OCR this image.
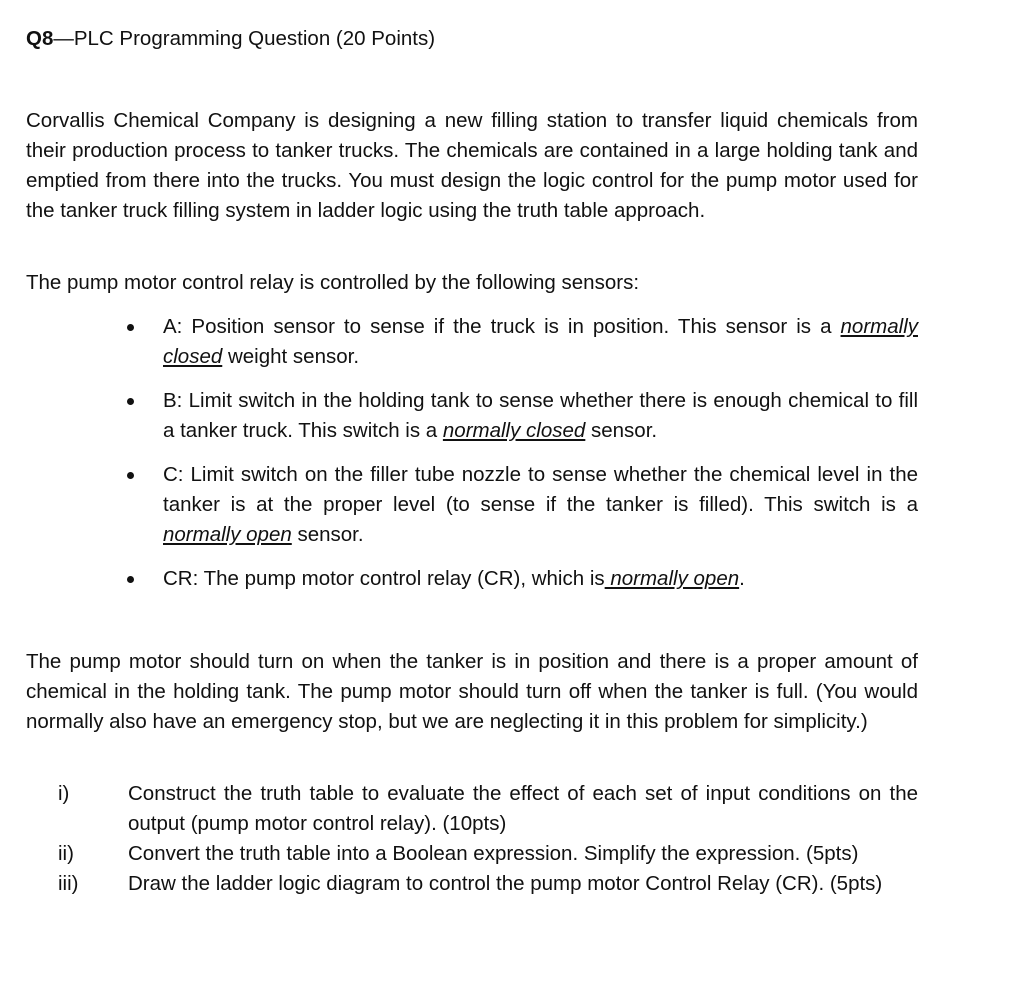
Q8—PLC Programming Question (20 Points)

Corvallis Chemical Company is designing a new filling station to transfer liquid chemicals from their production process to tanker trucks. The chemicals are contained in a large holding tank and emptied from there into the trucks. You must design the logic control for the pump motor used for the tanker truck filling system in ladder logic using the truth table approach.

The pump motor control relay is controlled by the following sensors:

A: Position sensor to sense if the truck is in position. This sensor is a normally closed weight sensor.
B: Limit switch in the holding tank to sense whether there is enough chemical to fill a tanker truck. This switch is a normally closed sensor.
C: Limit switch on the filler tube nozzle to sense whether the chemical level in the tanker is at the proper level (to sense if the tanker is filled). This switch is a normally open sensor.
CR: The pump motor control relay (CR), which is normally open.

The pump motor should turn on when the tanker is in position and there is a proper amount of chemical in the holding tank. The pump motor should turn off when the tanker is full. (You would normally also have an emergency stop, but we are neglecting it in this problem for simplicity.)

i)	Construct the truth table to evaluate the effect of each set of input conditions on the output (pump motor control relay). (10pts)
ii)	Convert the truth table into a Boolean expression. Simplify the expression. (5pts)
iii) Draw the ladder logic diagram to control the pump motor Control Relay (CR). (5pts)
